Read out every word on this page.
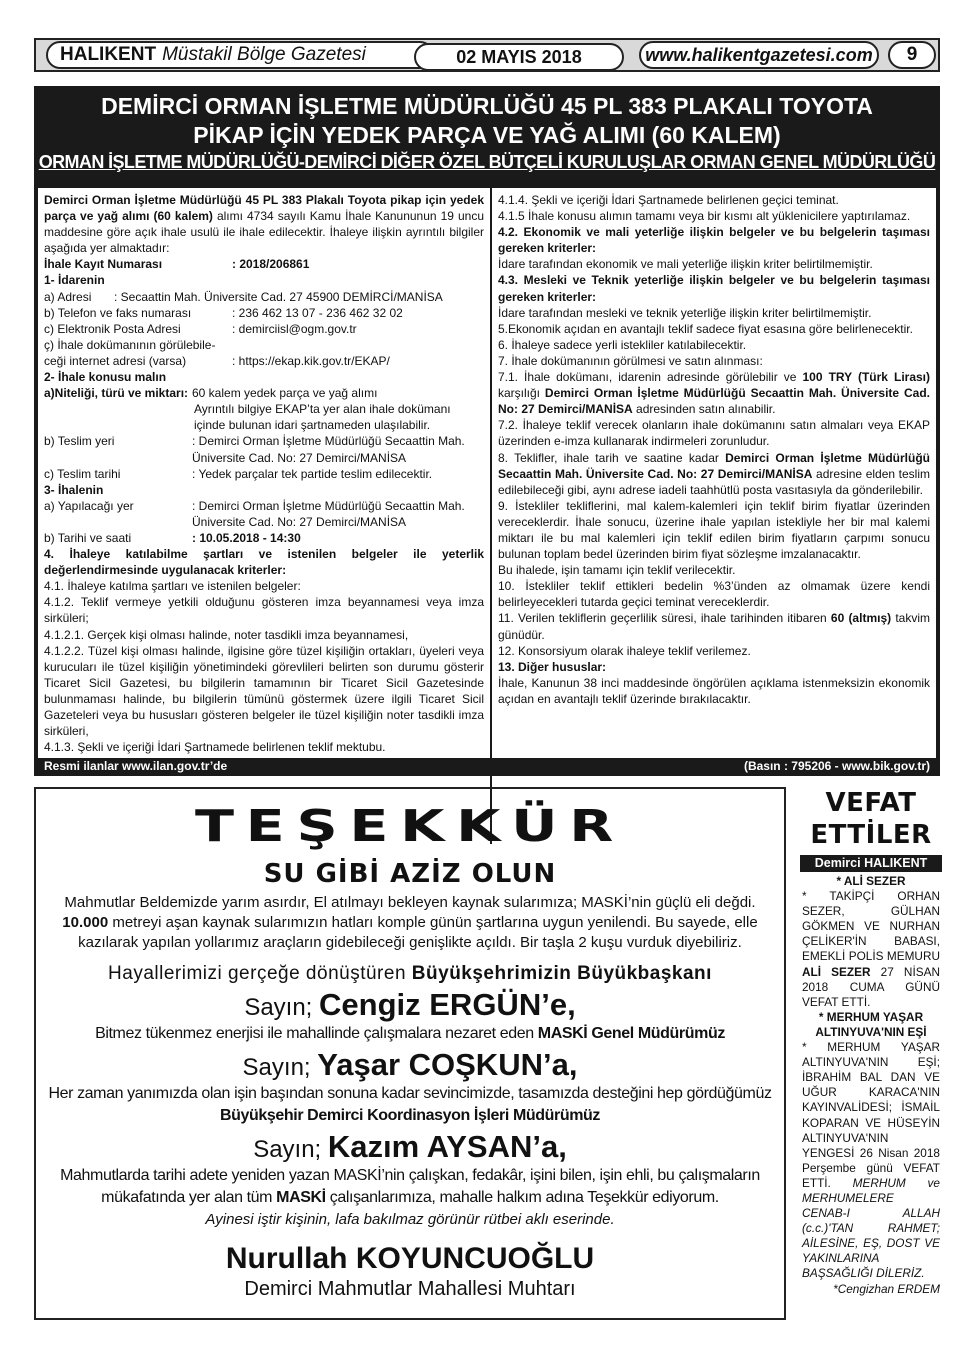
HALIKENT Müstakil Bölge Gazetesi	02 MAYIS 2018	www.halikentgazetesi.com	9
DEMİRCİ ORMAN İŞLETME MÜDÜRLÜĞÜ 45 PL 383 PLAKALI TOYOTA
PİKAP İÇİN YEDEK PARÇA VE YAĞ ALIMI (60 KALEM)
ORMAN İŞLETME MÜDÜRLÜĞÜ-DEMİRCİ DİĞER ÖZEL BÜTÇELİ KURULUŞLAR ORMAN GENEL MÜDÜRLÜĞÜ

Demirci Orman İşletme Müdürlüğü 45 PL 383 Plakalı Toyota pikap için yedek parça ve yağ alımı (60 kalem) alımı 4734 sayılı Kamu İhale Kanununun 19 uncu maddesine göre açık ihale usulü ile ihale edilecektir. İhaleye ilişkin ayrıntılı bilgiler aşağıda yer almaktadır:

İhale Kayıt Numarası	: 2018/206861
1- İdarenin
a) Adresi	: Secaattin Mah. Üniversite Cad. 27 45900 DEMİRCİ/MANİSA
b) Telefon ve faks numarası	: 236 462 13 07 - 236 462 32 02
c) Elektronik Posta Adresi	: demirciisl@ogm.gov.tr
ç) İhale dokümanının görülebile-
ceği internet adresi (varsa)	: https://ekap.kik.gov.tr/EKAP/
2- İhale konusu malın
a)Niteliği, türü ve miktarı: 60 kalem yedek parça ve yağ alımı
Ayrıntılı bilgiye EKAP’ta yer alan ihale dokümanı içinde bulunan idari şartnameden ulaşılabilir.
b) Teslim yeri	: Demirci Orman İşletme Müdürlüğü Secaattin Mah. Üniversite Cad. No: 27 Demirci/MANİSA
c) Teslim tarihi	: Yedek parçalar tek partide teslim edilecektir.
3- İhalenin
a) Yapılacağı yer	: Demirci Orman İşletme Müdürlüğü Secaattin Mah. Üniversite Cad. No: 27 Demirci/MANİSA
b) Tarihi ve saati	: 10.05.2018 - 14:30

4. İhaleye katılabilme şartları ve istenilen belgeler ile yeterlik değerlendirmesinde uygulanacak kriterler:

4.1. İhaleye katılma şartları ve istenilen belgeler:

4.1.2. Teklif vermeye yetkili olduğunu gösteren imza beyannamesi veya imza sirküleri;

4.1.2.1. Gerçek kişi olması halinde, noter tasdikli imza beyannamesi,

4.1.2.2. Tüzel kişi olması halinde, ilgisine göre tüzel kişiliğin ortakları, üyeleri veya kurucuları ile tüzel kişiliğin yönetimindeki görevlileri belirten son durumu gösterir Ticaret Sicil Gazetesi, bu bilgilerin tamamının bir Ticaret Sicil Gazetesinde bulunmaması halinde, bu bilgilerin tümünü göstermek üzere ilgili Ticaret Sicil Gazeteleri veya bu hususları gösteren belgeler ile tüzel kişiliğin noter tasdikli imza sirküleri,

4.1.3. Şekli ve içeriği İdari Şartnamede belirlenen teklif mektubu.

4.1.4. Şekli ve içeriği İdari Şartnamede belirlenen geçici teminat.

4.1.5 İhale konusu alımın tamamı veya bir kısmı alt yüklenicilere yaptırılamaz.

4.2. Ekonomik ve mali yeterliğe ilişkin belgeler ve bu belgelerin taşıması gereken kriterler:

İdare tarafından ekonomik ve mali yeterliğe ilişkin kriter belirtilmemiştir.

4.3. Mesleki ve Teknik yeterliğe ilişkin belgeler ve bu belgelerin taşıması gereken kriterler:

İdare tarafından mesleki ve teknik yeterliğe ilişkin kriter belirtilmemiştir.

5.Ekonomik açıdan en avantajlı teklif sadece fiyat esasına göre belirlenecektir.

6. İhaleye sadece yerli istekliler katılabilecektir.

7. İhale dokümanının görülmesi ve satın alınması:

7.1. İhale dokümanı, idarenin adresinde görülebilir ve 100 TRY (Türk Lirası) karşılığı Demirci Orman İşletme Müdürlüğü Secaattin Mah. Üniversite Cad. No: 27 Demirci/MANİSA adresinden satın alınabilir.

7.2. İhaleye teklif verecek olanların ihale dokümanını satın almaları veya EKAP üzerinden e-imza kullanarak indirmeleri zorunludur.

8. Teklifler, ihale tarih ve saatine kadar Demirci Orman İşletme Müdürlüğü Secaattin Mah. Üniversite Cad. No: 27 Demirci/MANİSA adresine elden teslim edilebileceği gibi, aynı adrese iadeli taahhütlü posta vasıtasıyla da gönderilebilir.

9. İstekliler tekliflerini, mal kalem-kalemleri için teklif birim fiyatlar üzerinden vereceklerdir. İhale sonucu, üzerine ihale yapılan istekliyle her bir mal kalemi miktarı ile bu mal kalemleri için teklif edilen birim fiyatların çarpımı sonucu bulunan toplam bedel üzerinden birim fiyat sözleşme imzalanacaktır.

Bu ihalede, işin tamamı için teklif verilecektir.

10. İstekliler teklif ettikleri bedelin %3’ünden az olmamak üzere kendi belirleyecekleri tutarda geçici teminat vereceklerdir.

11. Verilen tekliflerin geçerlilik süresi, ihale tarihinden itibaren 60 (altmış) takvim günüdür.

12. Konsorsiyum olarak ihaleye teklif verilemez.

13. Diğer hususlar:

İhale, Kanunun 38 inci maddesinde öngörülen açıklama istenmeksizin ekonomik açıdan en avantajlı teklif üzerinde bırakılacaktır.

Resmi ilanlar www.ilan.gov.tr’de	(Basın : 795206 - www.bik.gov.tr)
TEŞEKKÜR
SU GİBİ AZİZ OLUN
Mahmutlar Beldemizde yarım asırdır, El atılmayı bekleyen kaynak sularımıza; MASKİ’nin güçlü eli değdi.
10.000 metreyi aşan kaynak sularımızın hatları komple günün şartlarına uygun yenilendi. Bu sayede, elle kazılarak yapılan yollarımız araçların gidebileceği genişlikte açıldı. Bir taşla 2 kuşu vurduk diyebiliriz.
Hayallerimizi gerçeğe dönüştüren Büyükşehrimizin Büyükbaşkanı
Sayın; Cengiz ERGÜN’e,
Bitmez tükenmez enerjisi ile mahallinde çalışmalara nezaret eden MASKİ Genel Müdürümüz
Sayın; Yaşar COŞKUN’a,
Her zaman yanımızda olan işin başından sonuna kadar sevincimizde, tasamızda desteğini hep gördüğümüz
Büyükşehir Demirci Koordinasyon İşleri Müdürümüz
Sayın; Kazım AYSAN’a,
Mahmutlarda tarihi adete yeniden yazan MASKİ’nin çalışkan, fedakâr, işini bilen, işin ehli, bu çalışmaların
mükafatında yer alan tüm MASKİ çalışanlarımıza, mahalle halkım adına Teşekkür ediyorum.
Ayinesi iştir kişinin, lafa bakılmaz görünür rütbei aklı eserinde.
Nurullah KOYUNCUOĞLU
Demirci Mahmutlar Mahallesi Muhtarı
VEFAT
ETTİLER
Demirci HALIKENT
* ALİ SEZER
* TAKİPÇİ ORHAN SEZER, GÜLHAN GÖKMEN VE NURHAN ÇELİKER'İN BABASI, EMEKLİ POLİS MEMURU ALİ SEZER 27 NİSAN 2018 CUMA GÜNÜ VEFAT ETTİ.
* MERHUM YAŞAR ALTINYUVA'NIN EŞİ
* MERHUM YAŞAR ALTINYUVA'NIN EŞİ; İBRAHİM BAL DAN VE UĞUR KARACA'NIN KAYINVALİDESİ; İSMAİL KOPARAN VE HÜSEYİN ALTINYUVA'NIN YENGESİ 26 Nisan 2018 Perşembe günü VEFAT ETTİ. MERHUM ve MERHUMELERE CENAB-I ALLAH (c.c.)'TAN RAHMET; AİLESİNE, EŞ, DOST VE YAKINLARINA BAŞSAĞLIĞI DİLERİZ.
*Cengizhan ERDEM
